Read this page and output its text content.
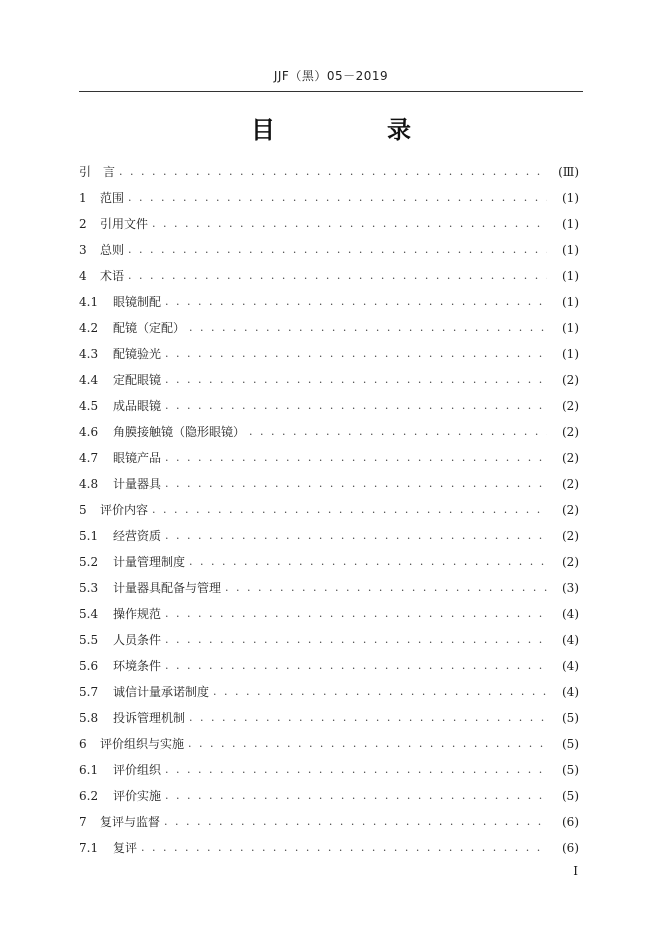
JJF（黑）05－2019
目　录
引　言 . . .	(Ⅲ)
1	范围 . . .	(1)
2	引用文件 . . .	(1)
3	总则 . . .	(1)
4	术语 . . .	(1)
4.1	眼镜制配 . . .	(1)
4.2	配镜（定配） . . .	(1)
4.3	配镜验光 . . .	(1)
4.4	定配眼镜 . . .	(2)
4.5	成品眼镜 . . .	(2)
4.6	角膜接触镜（隐形眼镜） . . .	(2)
4.7	眼镜产品 . . .	(2)
4.8	计量器具 . . .	(2)
5	评价内容 . . .	(2)
5.1	经营资质 . . .	(2)
5.2	计量管理制度 . . .	(2)
5.3	计量器具配备与管理 . . .	(3)
5.4	操作规范 . . .	(4)
5.5	人员条件 . . .	(4)
5.6	环境条件 . . .	(4)
5.7	诚信计量承诺制度 . . .	(4)
5.8	投诉管理机制 . . .	(5)
6	评价组织与实施 . . .	(5)
6.1	评价组织 . . .	(5)
6.2	评价实施 . . .	(5)
7	复评与监督 . . .	(6)
7.1	复评 . . .	(6)
Ⅰ
